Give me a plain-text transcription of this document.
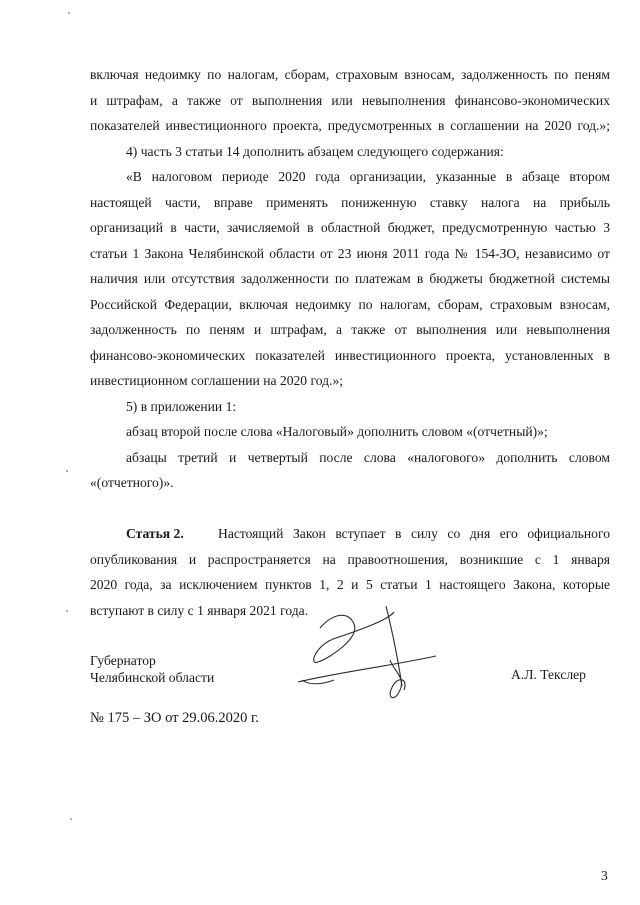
включая недоимку по налогам, сборам, страховым взносам, задолженность по пеням
и штрафам, а также от выполнения или невыполнения финансово-экономических
показателей инвестиционного проекта, предусмотренных в соглашении на 2020 год.»;
4) часть 3 статьи 14 дополнить абзацем следующего содержания:
«В налоговом периоде 2020 года организации, указанные в абзаце втором
настоящей части, вправе применять пониженную ставку налога на прибыль
организаций в части, зачисляемой в областной бюджет, предусмотренную частью 3
статьи 1 Закона Челябинской области от 23 июня 2011 года № 154-ЗО, независимо от
наличия или отсутствия задолженности по платежам в бюджеты бюджетной системы
Российской Федерации, включая недоимку по налогам, сборам, страховым взносам,
задолженность по пеням и штрафам, а также от выполнения или невыполнения
финансово-экономических показателей инвестиционного проекта, установленных в
инвестиционном соглашении на 2020 год.»;
5) в приложении 1:
абзац второй после слова «Налоговый» дополнить словом «(отчетный)»;
абзацы третий и четвертый после слова «налогового» дополнить словом
«(отчетного)».
Статья 2.	Настоящий Закон вступает в силу со дня его официального
опубликования и распространяется на правоотношения, возникшие с 1 января
2020 года, за исключением пунктов 1, 2 и 5 статьи 1 настоящего Закона, которые
вступают в силу с 1 января 2021 года.
Губернатор
Челябинской области	А.Л. Текслер
№ 175 – ЗО от 29.06.2020 г.
3
